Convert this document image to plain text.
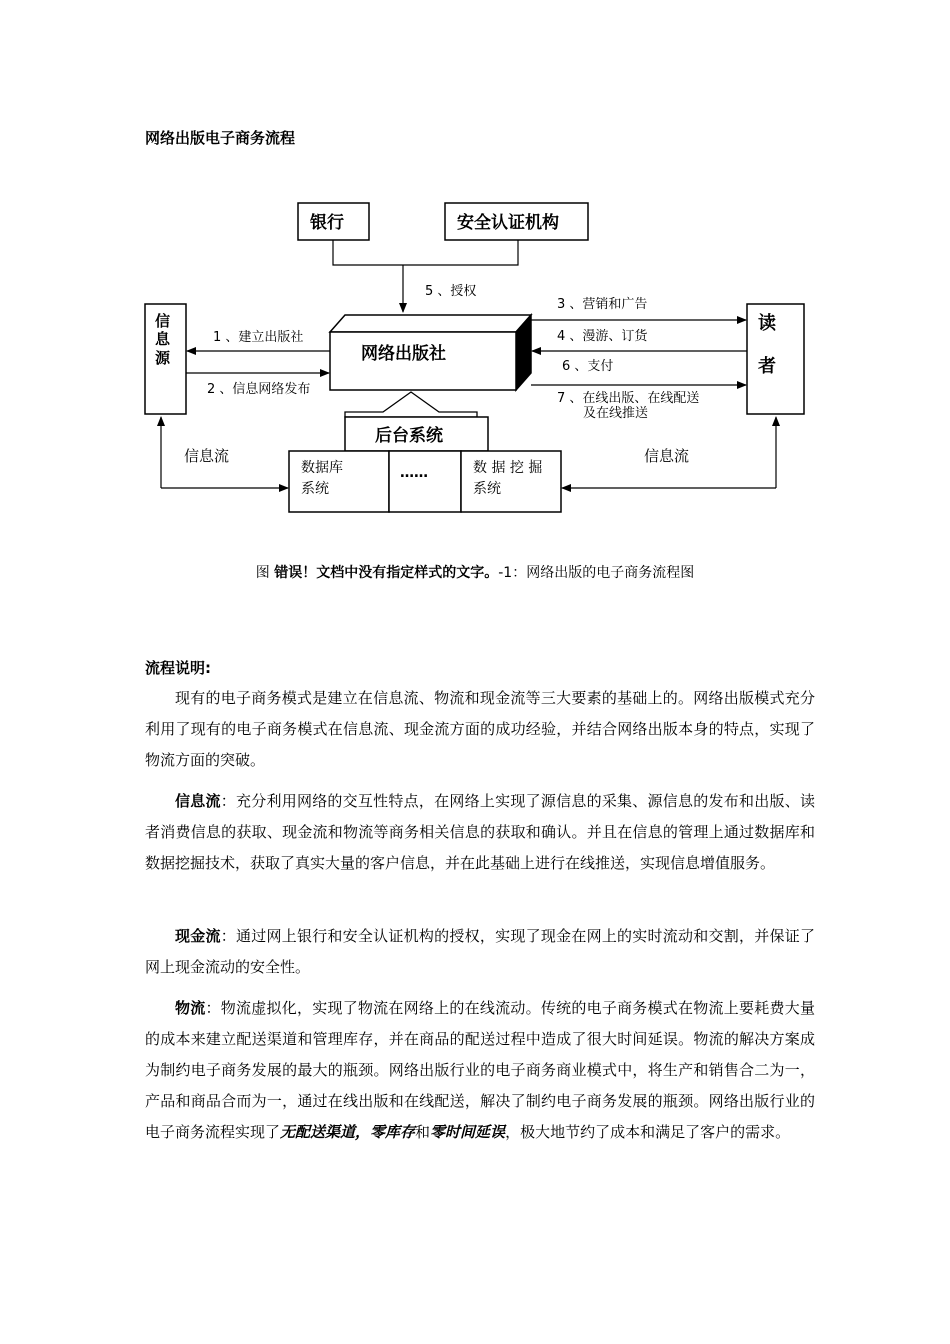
网络出版电子商务流程
银行	安全认证机构
5 、授权
信
息
源
读
者
网络出版社
1 、建立出版社
2 、信息网络发布
3 、营销和广告
4 、漫游、订货
6 、支付
7 、在线出版、在线配送
及在线推送
后台系统
数据库
系统
……	数 据 挖 掘
系统
信息流	信息流
图 错误！文档中没有指定样式的文字。-1：网络出版的电子商务流程图
流程说明:

现有的电子商务模式是建立在信息流、物流和现金流等三大要素的基础上的。网络出版模式充分利用了现有的电子商务模式在信息流、现金流方面的成功经验，并结合网络出版本身的特点，实现了物流方面的突破。

信息流：充分利用网络的交互性特点，在网络上实现了源信息的采集、源信息的发布和出版、读者消费信息的获取、现金流和物流等商务相关信息的获取和确认。并且在信息的管理上通过数据库和数据挖掘技术，获取了真实大量的客户信息，并在此基础上进行在线推送，实现信息增值服务。

现金流：通过网上银行和安全认证机构的授权，实现了现金在网上的实时流动和交割，并保证了网上现金流动的安全性。

物流：物流虚拟化，实现了物流在网络上的在线流动。传统的电子商务模式在物流上要耗费大量的成本来建立配送渠道和管理库存，并在商品的配送过程中造成了很大时间延误。物流的解决方案成为制约电子商务发展的最大的瓶颈。网络出版行业的电子商务商业模式中，将生产和销售合二为一，产品和商品合而为一，通过在线出版和在线配送，解决了制约电子商务发展的瓶颈。网络出版行业的电子商务流程实现了无配送渠道，零库存和零时间延误，极大地节约了成本和满足了客户的需求。
